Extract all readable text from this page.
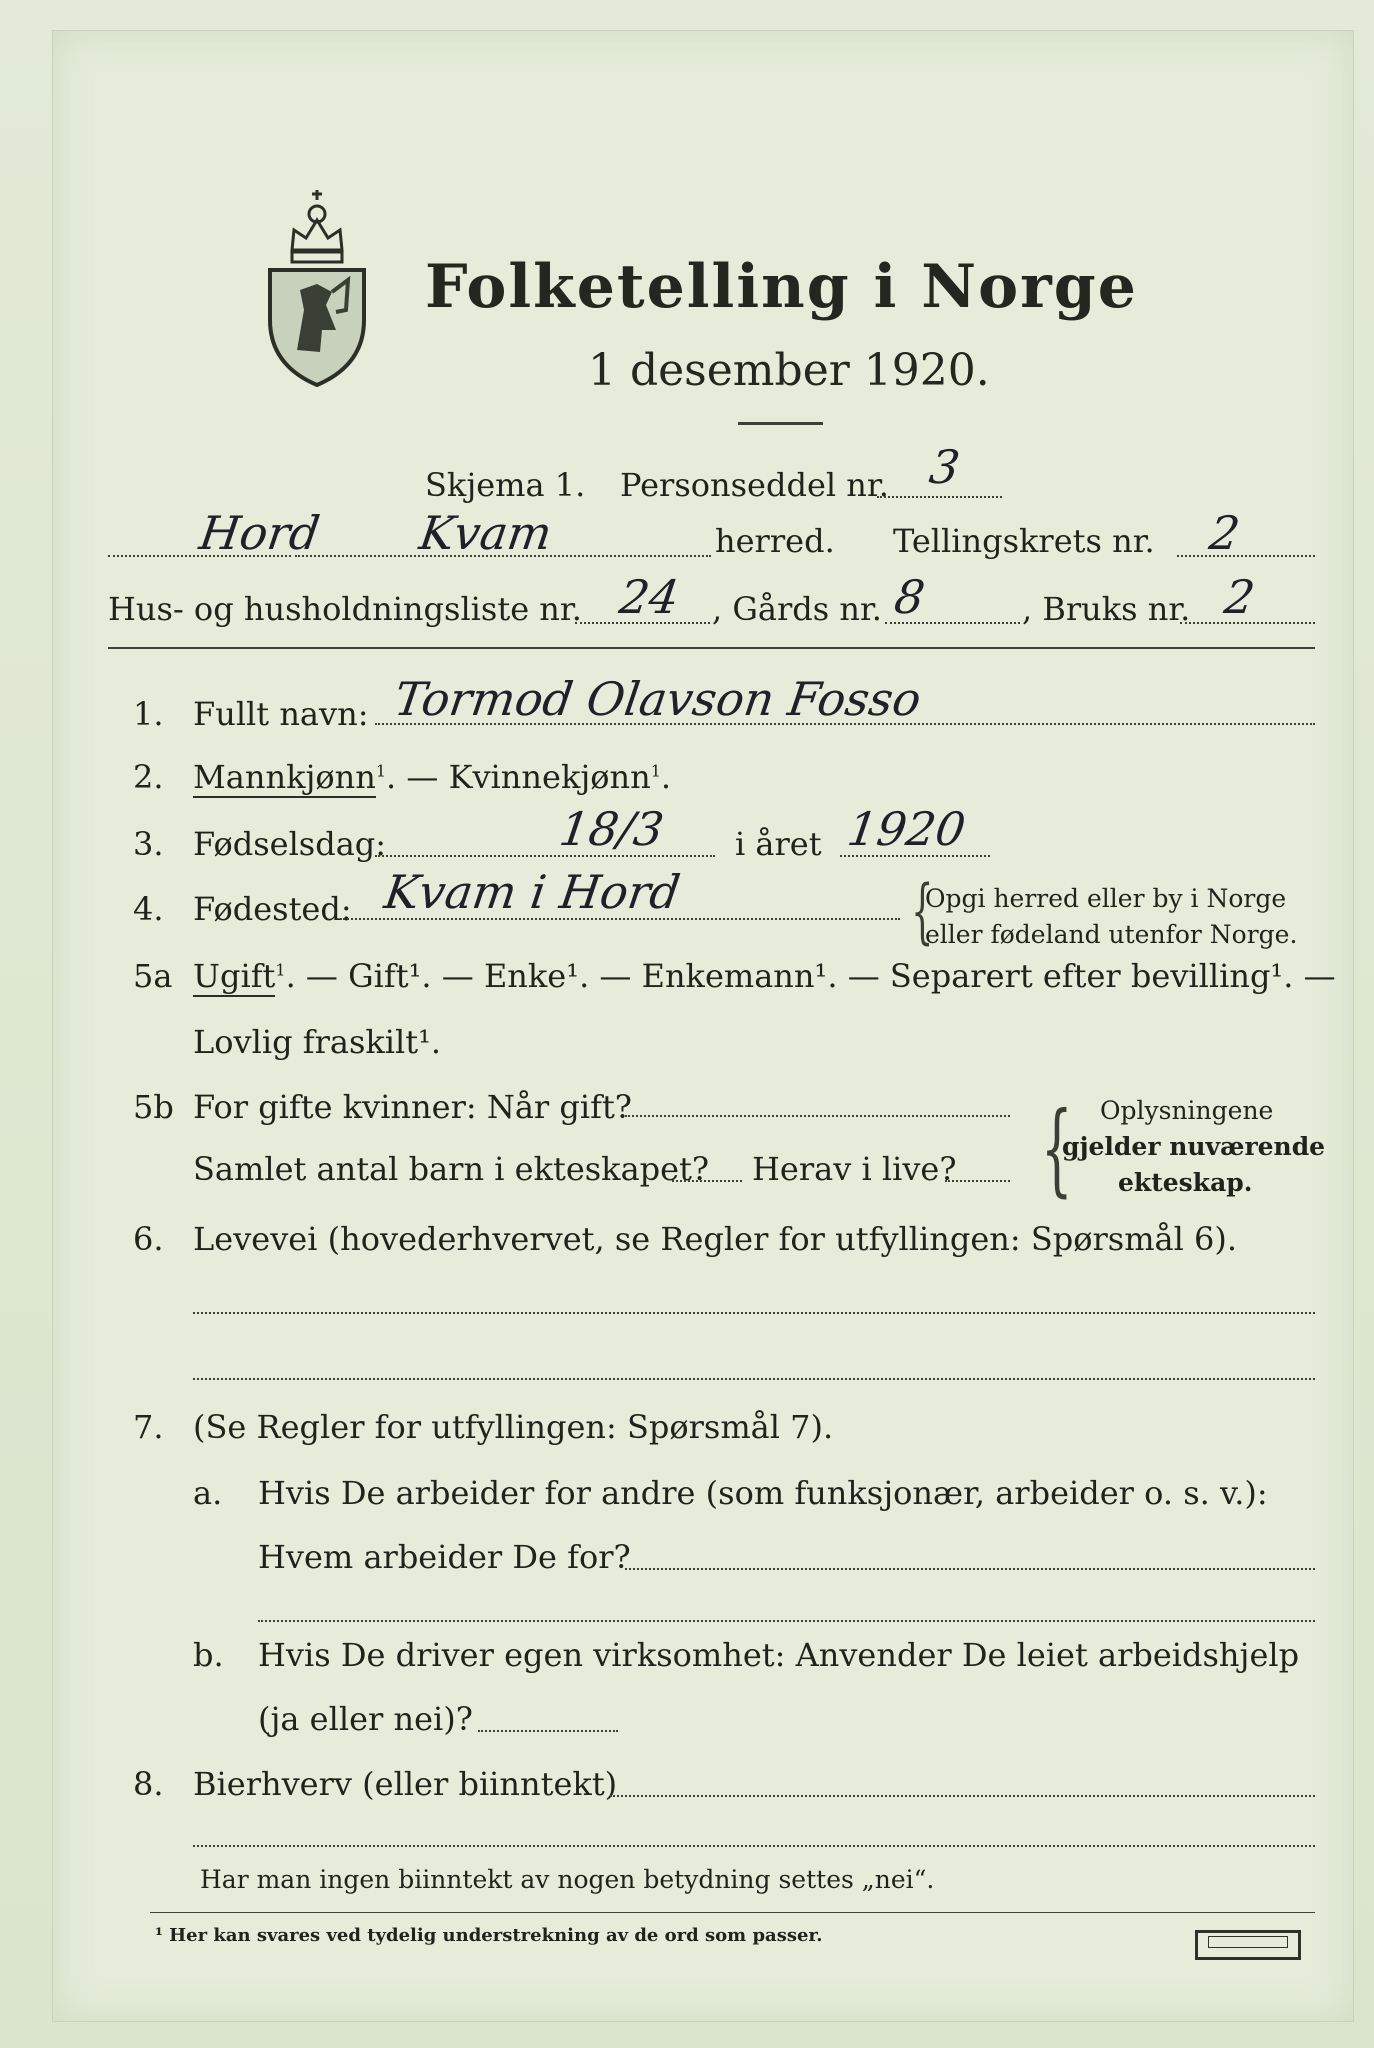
Folketelling i Norge
1 desember 1920.
Skjema 1. Personseddel nr. 3
Hord Kvam	herred. Tellingskrets nr. 2
Hus- og husholdningsliste nr. 24 , Gårds nr. 8	, Bruks nr. 2
1. Fullt navn: Tormod Olavson Fosso
2. Mannkjønn$^1$. — Kvinnekjønn$^1$.
3. Fødselsdag:	18/3 i året 1920
4. Fødested: Kvam i Hord	{
Opgi herred eller by i Norge
eller fødeland utenfor Norge.
5a Ugift$^1$. — Gift¹. — Enke¹. — Enkemann¹. — Separert efter bevilling¹. —
Lovlig fraskilt¹.
5b For gifte kvinner: Når gift?
Samlet antal barn i ekteskapet? Herav i live? { Oplysningene
gjelder nuværende
ekteskap.
6. Levevei (hovederhvervet, se Regler for utfyllingen: Spørsmål 6).
7. (Se Regler for utfyllingen: Spørsmål 7).
a. Hvis De arbeider for andre (som funksjonær, arbeider o. s. v.):
Hvem arbeider De for?
b. Hvis De driver egen virksomhet: Anvender De leiet arbeidshjelp
(ja eller nei)?
8. Bierhverv (eller biinntekt)
Har man ingen biinntekt av nogen betydning settes „nei“.
¹ Her kan svares ved tydelig understrekning av de ord som passer.
